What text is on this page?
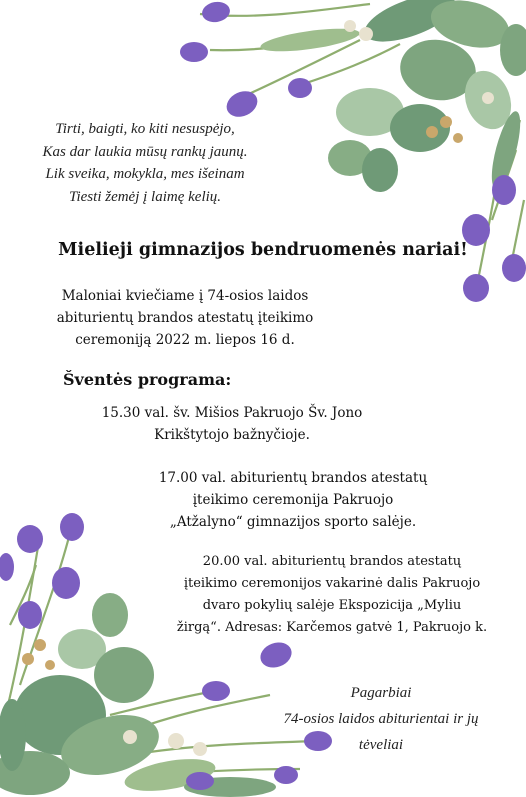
Tirti, baigti, ko kiti nesuspėjo,
Kas dar laukia mūsų rankų jaunų.
Lik sveika, mokykla, mes išeinam
Tiesti žemėj į laimę kelių.
Mielieji gimnazijos bendruomenės nariai!
Maloniai kviečiame į 74-osios laidos
abiturientų brandos atestatų įteikimo
ceremoniją 2022 m. liepos 16 d.
Šventės programa:
15.30 val. šv. Mišios Pakruojo Šv. Jono
Krikštytojo bažnyčioje.
17.00 val. abiturientų brandos atestatų
įteikimo ceremonija Pakruojo
„Atžalyno“ gimnazijos sporto salėje.
20.00 val. abiturientų brandos atestatų
įteikimo ceremonijos vakarinė dalis Pakruojo
dvaro pokylių salėje Ekspozicija „Myliu
žirgą“. Adresas: Karčemos gatvė 1, Pakruojo k.
Pagarbiai
74-osios laidos abiturientai ir jų
tėveliai
